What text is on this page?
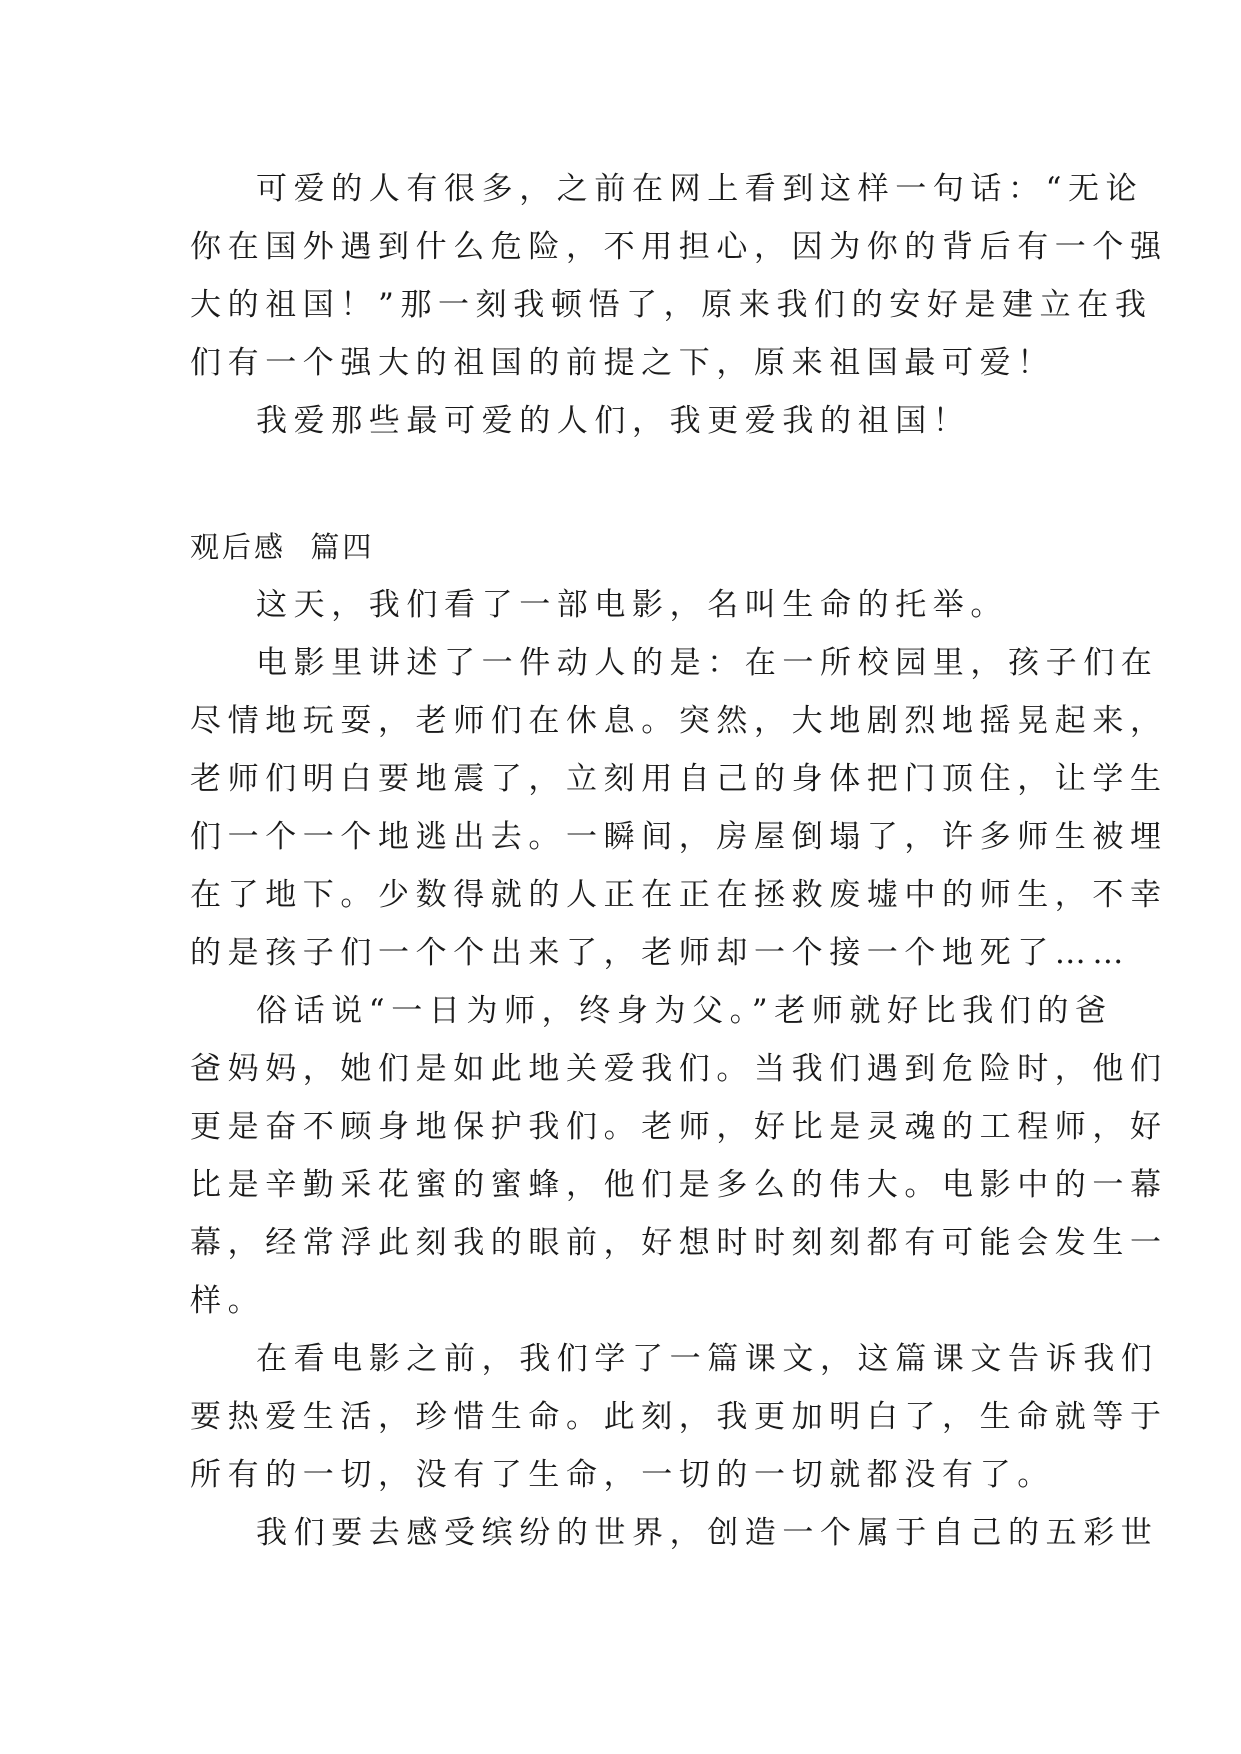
可爱的人有很多，之前在网上看到这样一句话：“无论
你在国外遇到什么危险，不用担心，因为你的背后有一个强
大的祖国！”那一刻我顿悟了，原来我们的安好是建立在我
们有一个强大的祖国的前提之下，原来祖国最可爱！
我爱那些最可爱的人们，我更爱我的祖国！
观后感  篇四
这天，我们看了一部电影，名叫生命的托举。
电影里讲述了一件动人的是：在一所校园里，孩子们在
尽情地玩耍，老师们在休息。突然，大地剧烈地摇晃起来，
老师们明白要地震了，立刻用自己的身体把门顶住，让学生
们一个一个地逃出去。一瞬间，房屋倒塌了，许多师生被埋
在了地下。少数得就的人正在正在拯救废墟中的师生，不幸
的是孩子们一个个出来了，老师却一个接一个地死了……
俗话说“一日为师，终身为父。”老师就好比我们的爸
爸妈妈，她们是如此地关爱我们。当我们遇到危险时，他们
更是奋不顾身地保护我们。老师，好比是灵魂的工程师，好
比是辛勤采花蜜的蜜蜂，他们是多么的伟大。电影中的一幕
幕，经常浮此刻我的眼前，好想时时刻刻都有可能会发生一
样。
在看电影之前，我们学了一篇课文，这篇课文告诉我们
要热爱生活，珍惜生命。此刻，我更加明白了，生命就等于
所有的一切，没有了生命，一切的一切就都没有了。
我们要去感受缤纷的世界，创造一个属于自己的五彩世
